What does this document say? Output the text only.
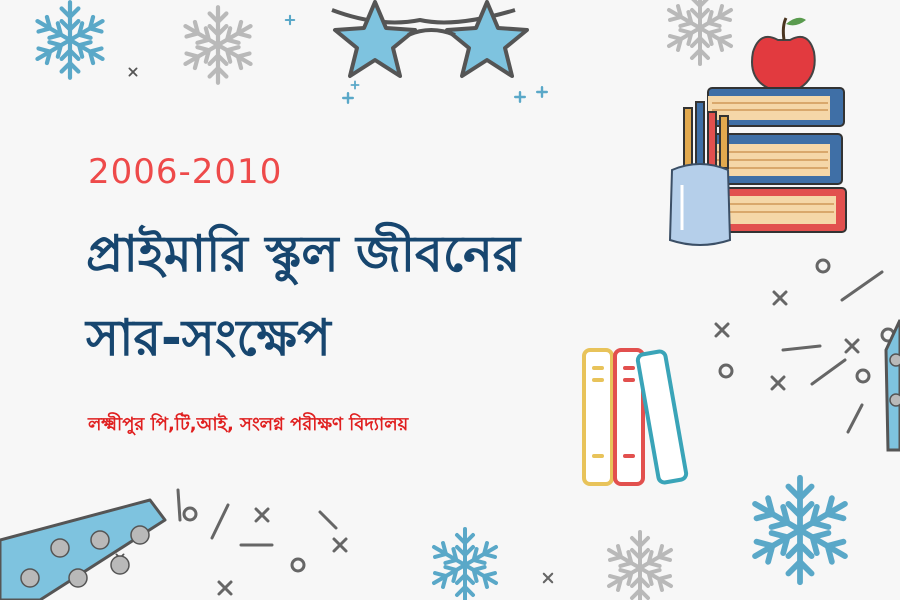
2006-2010

প্রাইমারি স্কুল জীবনের
সার-সংক্ষেপ

লক্ষ্মীপুর পি,টি,আই, সংলগ্ন পরীক্ষণ বিদ্যালয়
